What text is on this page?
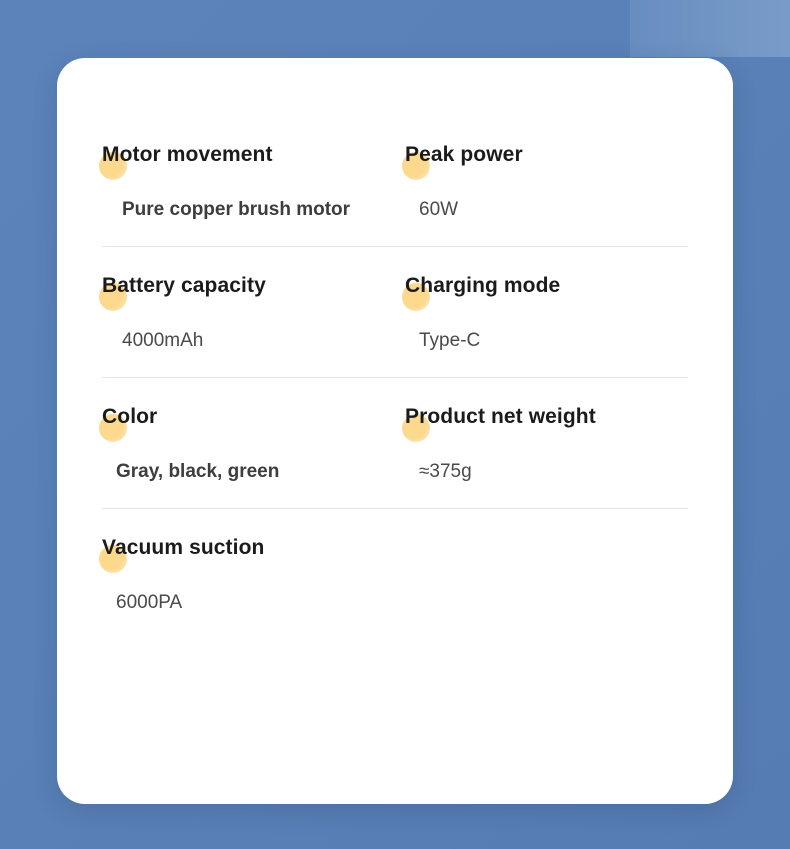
Motor movement
Pure copper brush motor
Peak power
60W
Battery capacity
4000mAh
Charging mode
Type-C
Color
Gray, black, green
Product net weight
≈375g
Vacuum suction
6000PA
